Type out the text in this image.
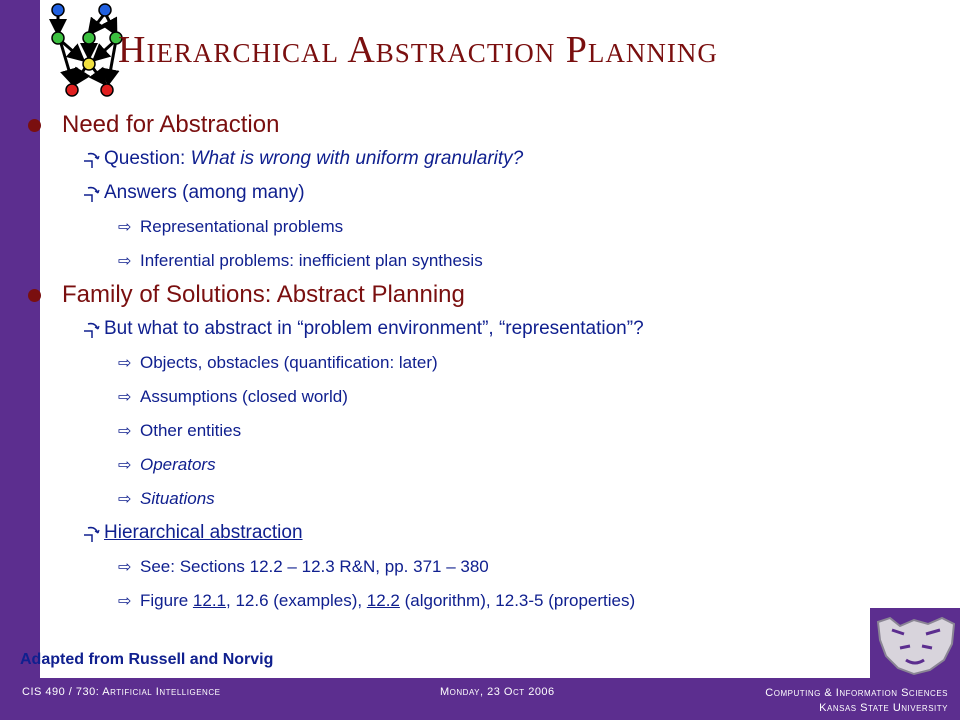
Hierarchical Abstraction Planning
Need for Abstraction
Question: What is wrong with uniform granularity?
Answers (among many)
⇨ Representational problems
⇨ Inferential problems: inefficient plan synthesis
Family of Solutions: Abstract Planning
But what to abstract in “problem environment”, “representation”?
⇨ Objects, obstacles (quantification: later)
⇨ Assumptions (closed world)
⇨ Other entities
⇨ Operators
⇨ Situations
Hierarchical abstraction
⇨ See: Sections 12.2 – 12.3 R&N, pp. 371 – 380
⇨ Figure 12.1, 12.6 (examples), 12.2 (algorithm), 12.3-5 (properties)
Adapted from Russell and Norvig
CIS 490 / 730: Artificial Intelligence	Monday, 23 Oct 2006	Computing & Information Sciences
Kansas State University
